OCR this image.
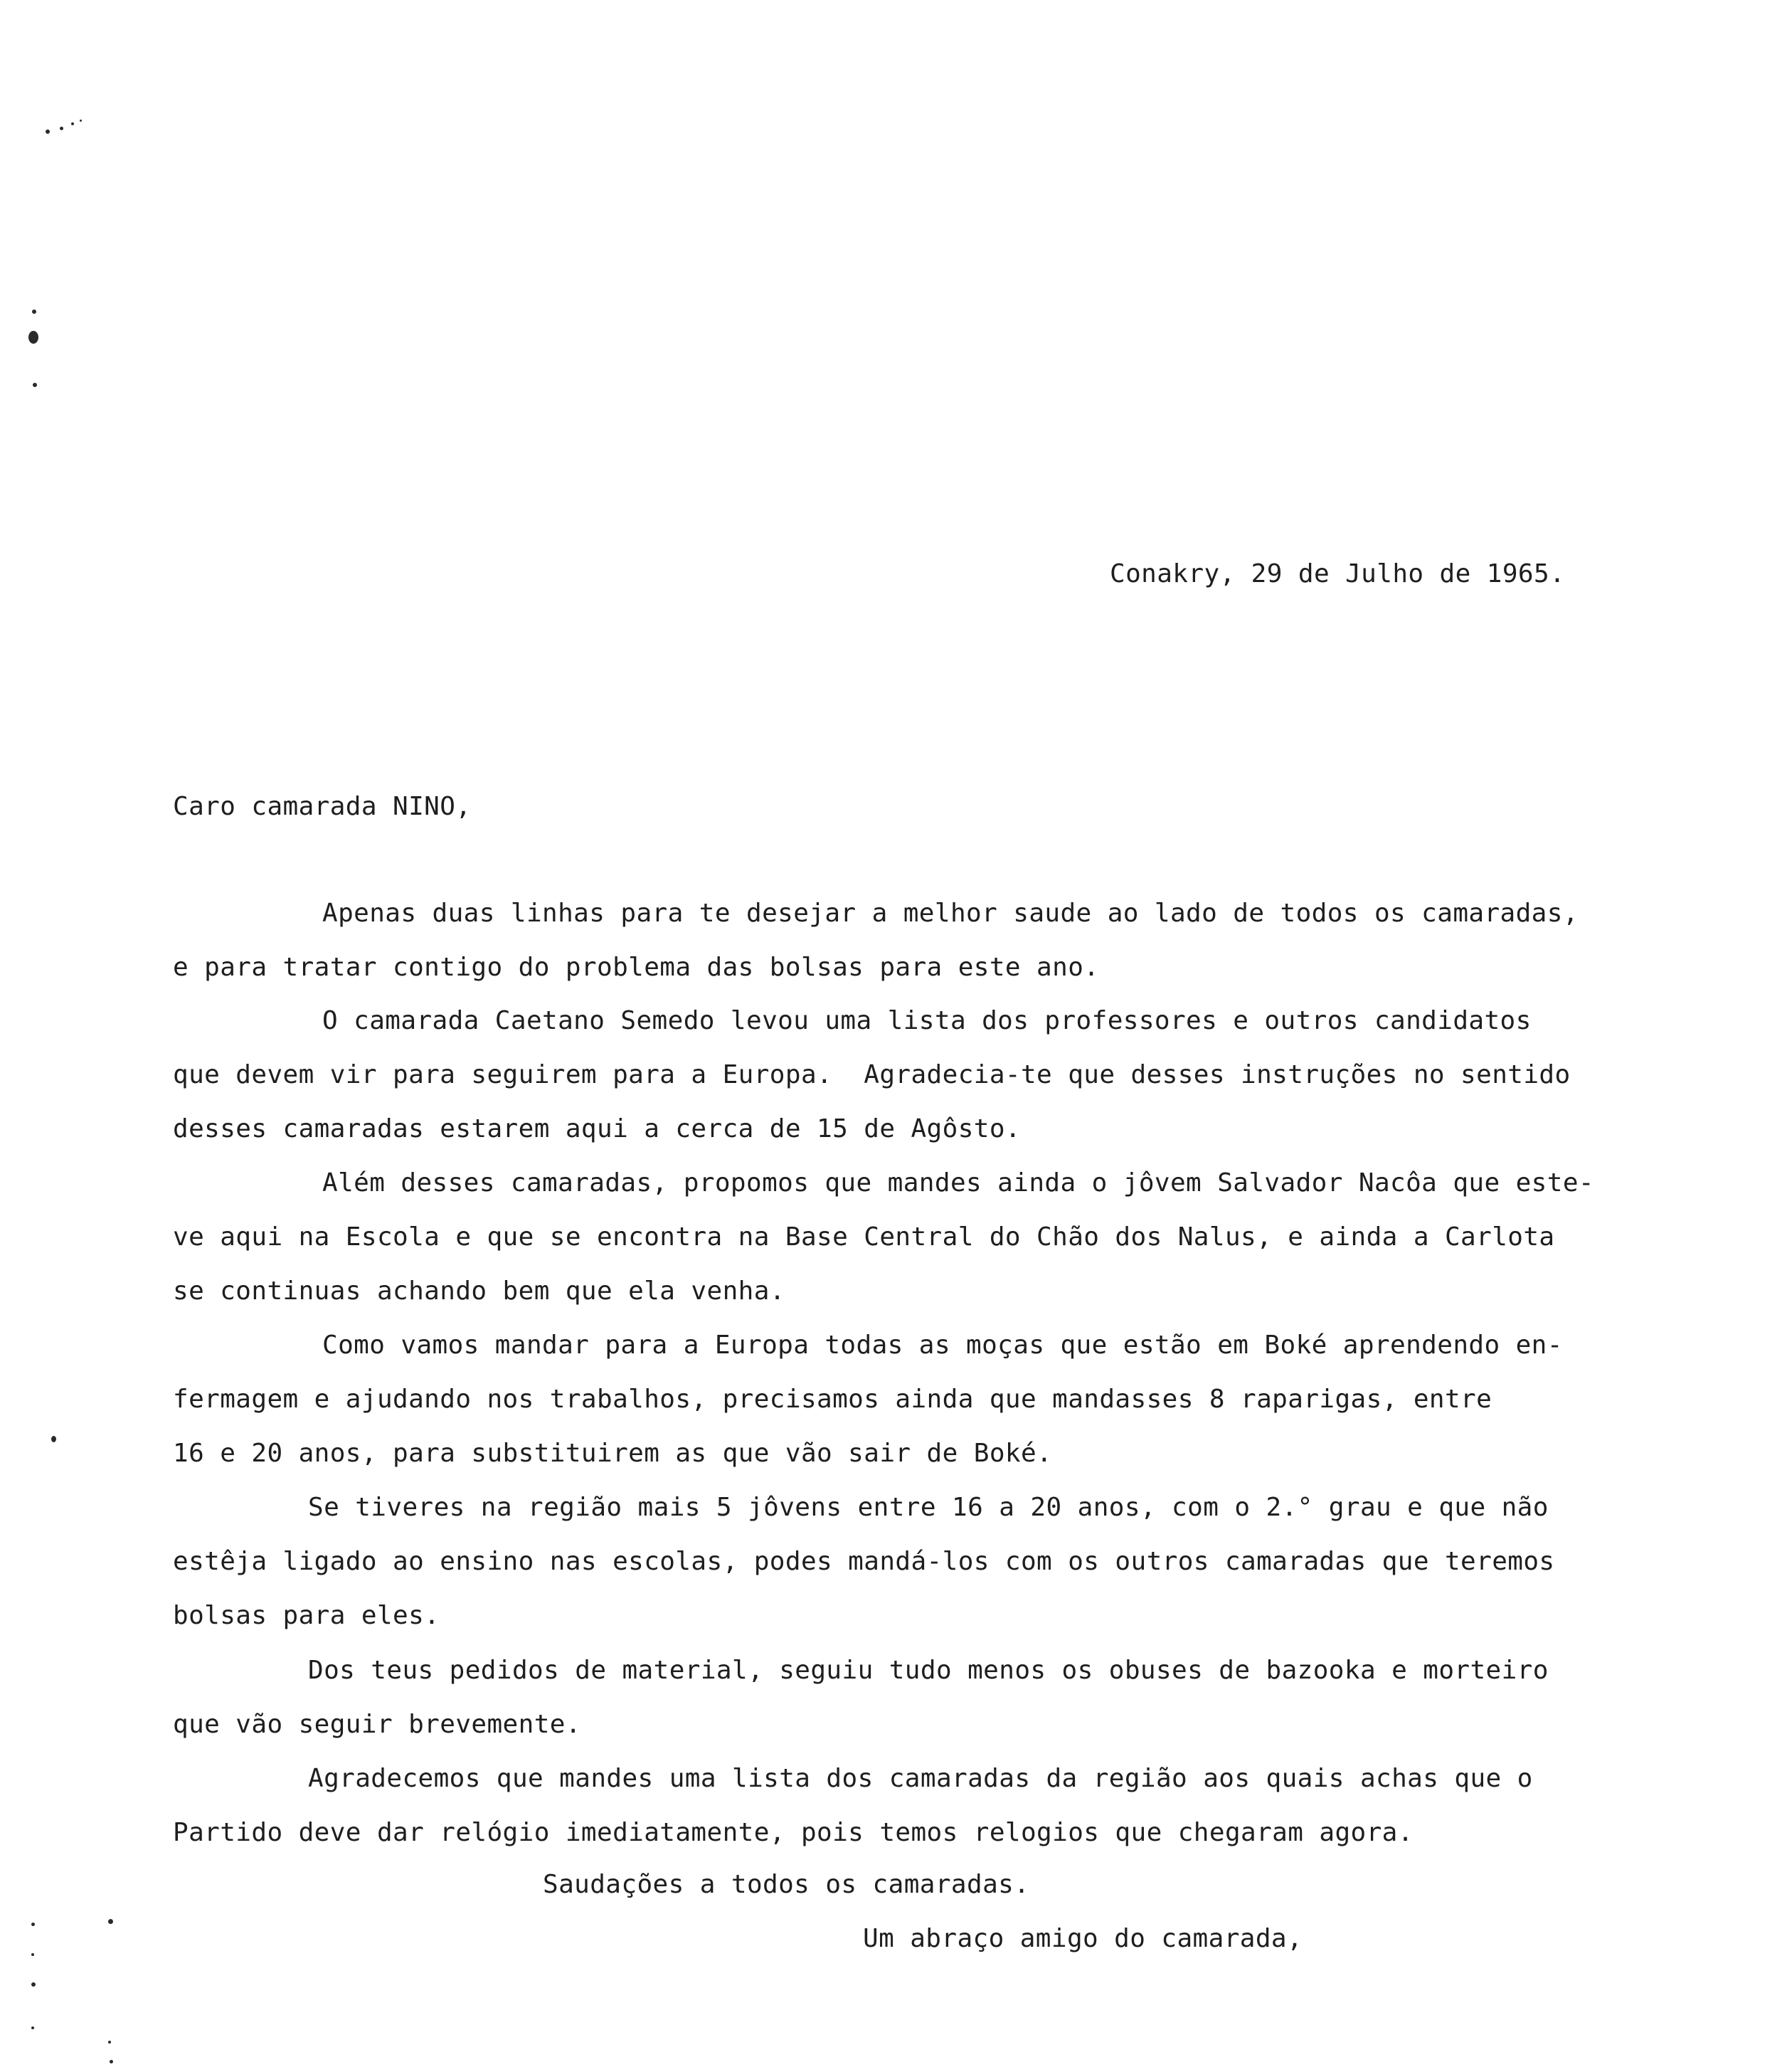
Conakry, 29 de Julho de 1965.
Caro camarada NINO,
Apenas duas linhas para te desejar a melhor saude ao lado de todos os camaradas,
e para tratar contigo do problema das bolsas para este ano.
O camarada Caetano Semedo levou uma lista dos professores e outros candidatos
que devem vir para seguirem para a Europa.  Agradecia-te que desses instruções no sentido
desses camaradas estarem aqui a cerca de 15 de Agôsto.
Além desses camaradas, propomos que mandes ainda o jôvem Salvador Nacôa que este-
ve aqui na Escola e que se encontra na Base Central do Chão dos Nalus, e ainda a Carlota
se continuas achando bem que ela venha.
Como vamos mandar para a Europa todas as moças que estão em Boké aprendendo en-
fermagem e ajudando nos trabalhos, precisamos ainda que mandasses 8 raparigas, entre
16 e 20 anos, para substituirem as que vão sair de Boké.
Se tiveres na região mais 5 jôvens entre 16 a 20 anos, com o 2.° grau e que não
estêja ligado ao ensino nas escolas, podes mandá-los com os outros camaradas que teremos
bolsas para eles.
Dos teus pedidos de material, seguiu tudo menos os obuses de bazooka e morteiro
que vão seguir brevemente.
Agradecemos que mandes uma lista dos camaradas da região aos quais achas que o
Partido deve dar relógio imediatamente, pois temos relogios que chegaram agora.
Saudações a todos os camaradas.
Um abraço amigo do camarada,
